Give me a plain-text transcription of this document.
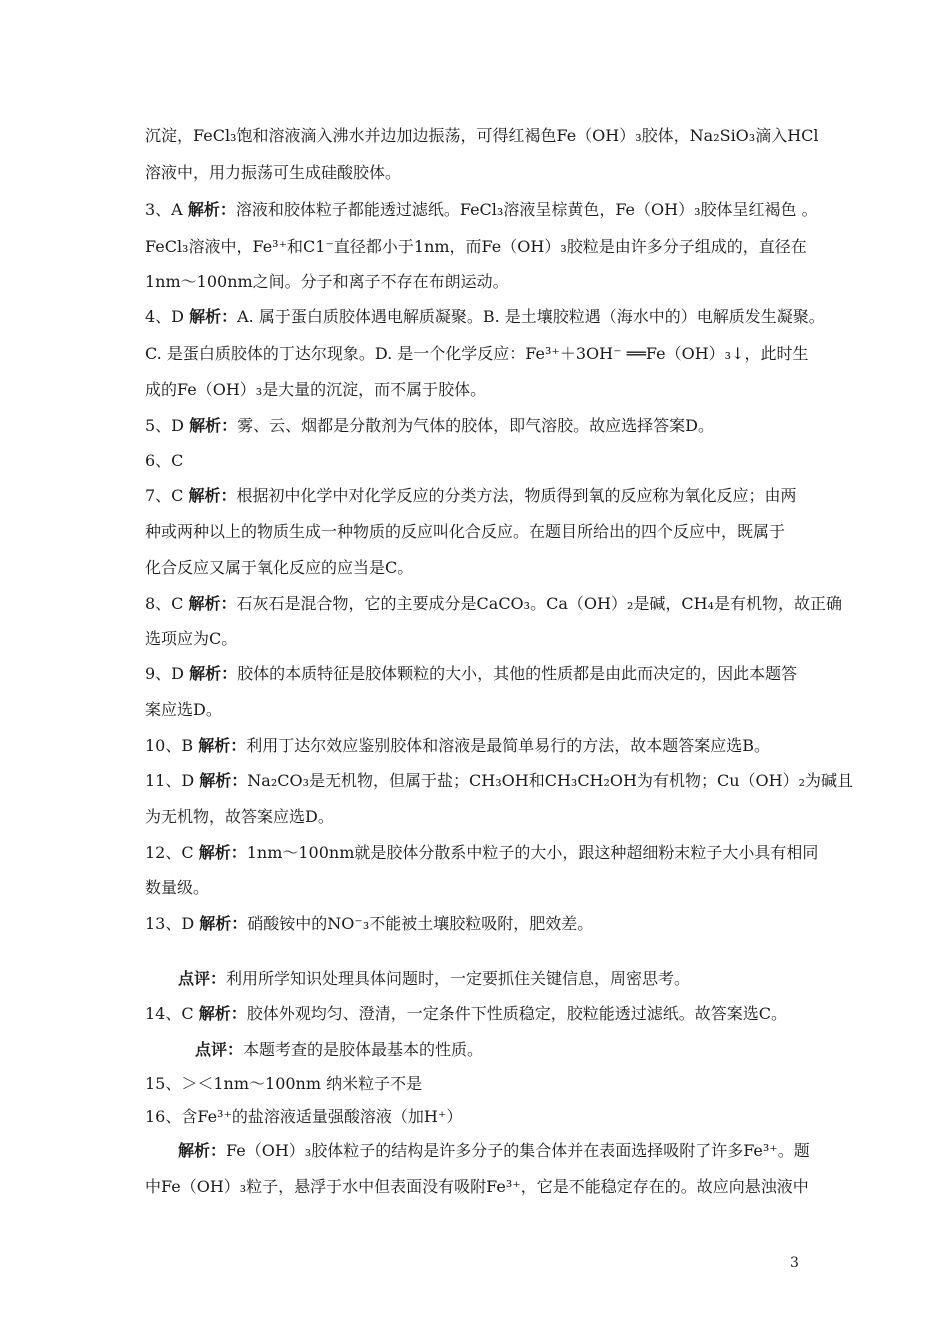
沉淀，FeCl₃饱和溶液滴入沸水并边加边振荡，可得红褐色Fe（OH）₃胶体，Na₂SiO₃滴入HCl
溶液中，用力振荡可生成硅酸胶体。
3、A 解析：溶液和胶体粒子都能透过滤纸。FeCl₃溶液呈棕黄色，Fe（OH）₃胶体呈红褐色 。
FeCl₃溶液中，Fe³⁺和C1⁻直径都小于1nm，而Fe（OH）₃胶粒是由许多分子组成的，直径在
1nm～100nm之间。分子和离子不存在布朗运动。
4、D 解析：A. 属于蛋白质胶体遇电解质凝聚。B. 是土壤胶粒遇（海水中的）电解质发生凝聚。
C. 是蛋白质胶体的丁达尔现象。D. 是一个化学反应：Fe³⁺＋3OH⁻ ══Fe（OH）₃↓，此时生
成的Fe（OH）₃是大量的沉淀，而不属于胶体。
5、D 解析：雾、云、烟都是分散剂为气体的胶体，即气溶胶。故应选择答案D。
6、C
7、C 解析：根据初中化学中对化学反应的分类方法，物质得到氧的反应称为氧化反应；由两
种或两种以上的物质生成一种物质的反应叫化合反应。在题目所给出的四个反应中，既属于
化合反应又属于氧化反应的应当是C。
8、C 解析：石灰石是混合物，它的主要成分是CaCO₃。Ca（OH）₂是碱，CH₄是有机物，故正确
选项应为C。
9、D 解析：胶体的本质特征是胶体颗粒的大小，其他的性质都是由此而决定的，因此本题答
案应选D。
10、B 解析：利用丁达尔效应鉴别胶体和溶液是最简单易行的方法，故本题答案应选B。
11、D 解析：Na₂CO₃是无机物，但属于盐；CH₃OH和CH₃CH₂OH为有机物；Cu（OH）₂为碱且
为无机物，故答案应选D。
12、C 解析：1nm～100nm就是胶体分散系中粒子的大小，跟这种超细粉末粒子大小具有相同
数量级。
13、D 解析：硝酸铵中的NO⁻₃不能被土壤胶粒吸附，肥效差。
点评：利用所学知识处理具体问题时，一定要抓住关键信息，周密思考。
14、C 解析：胶体外观均匀、澄清，一定条件下性质稳定，胶粒能透过滤纸。故答案选C。
点评：本题考查的是胶体最基本的性质。
15、＞＜1nm～100nm 纳米粒子不是
16、含Fe³⁺的盐溶液适量强酸溶液（加H⁺）
解析：Fe（OH）₃胶体粒子的结构是许多分子的集合体并在表面选择吸附了许多Fe³⁺。题
中Fe（OH）₃粒子，悬浮于水中但表面没有吸附Fe³⁺，它是不能稳定存在的。故应向悬浊液中
3
